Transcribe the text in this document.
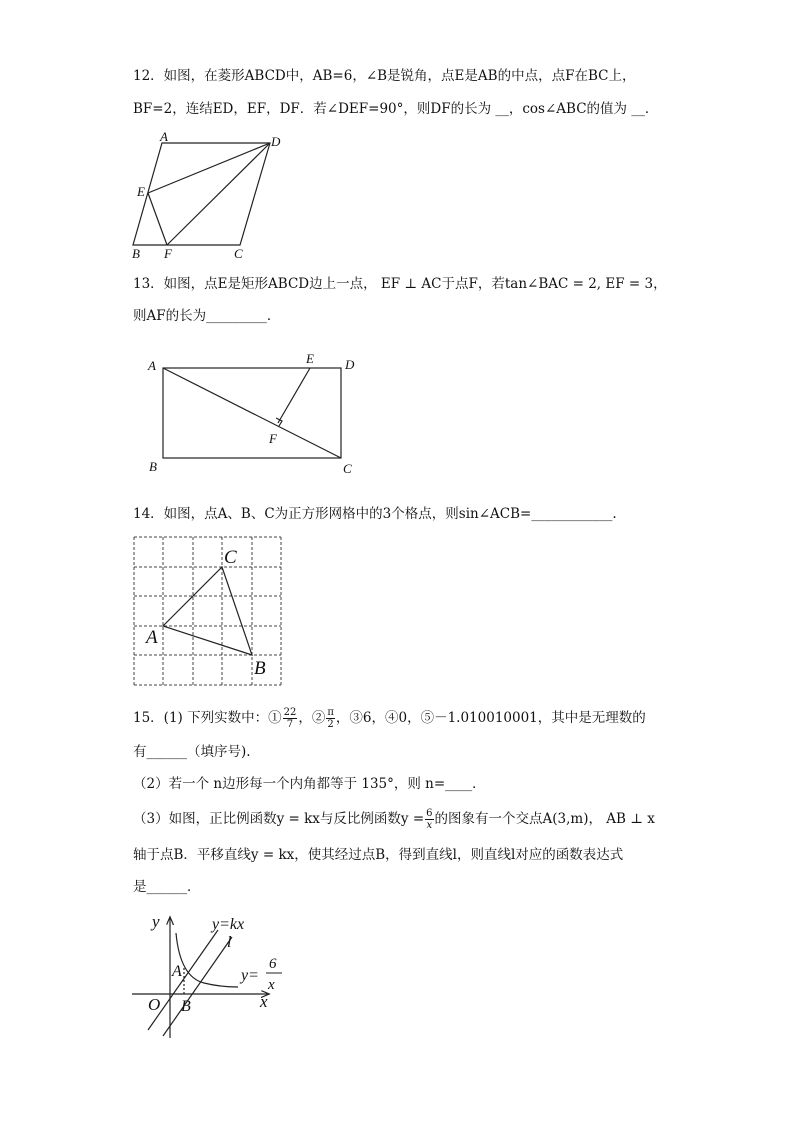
12．如图，在菱形ABCD中，AB=6，∠B是锐角，点E是AB的中点，点F在BC上，
BF=2，连结ED，EF，DF．若∠DEF=90°，则DF的长为 __，cos∠ABC的值为 __．
A	D
E
B F	C
13．如图，点E是矩形ABCD边上一点， EF ⊥ AC于点F，若tan∠BAC = 2, EF = 3，
则AF的长为_________．
A	D
E
F
B	C
14．如图，点A、B、C为正方形网格中的3个格点，则sin∠ACB=____________.
C
A
B
15．(1) 下列实数中：① $\frac{22}{7}$ ，② $\frac{\pi}{2}$ ，③6，④0，⑤－1.010010001，其中是无理数的
有______（填序号).
（2）若一个 n边形每一个内角都等于 135°，则 n=____．
（3）如图，正比例函数y = kx与反比例函数$y = \frac{6}{x}$ 的图象有一个交点A(3,m)， AB ⊥ x
轴于点B．平移直线y = kx，使其经过点B，得到直线l，则直线l对应的函数表达式
是______．
y
x
O
A
B
y=kx
l
y=
6
x
